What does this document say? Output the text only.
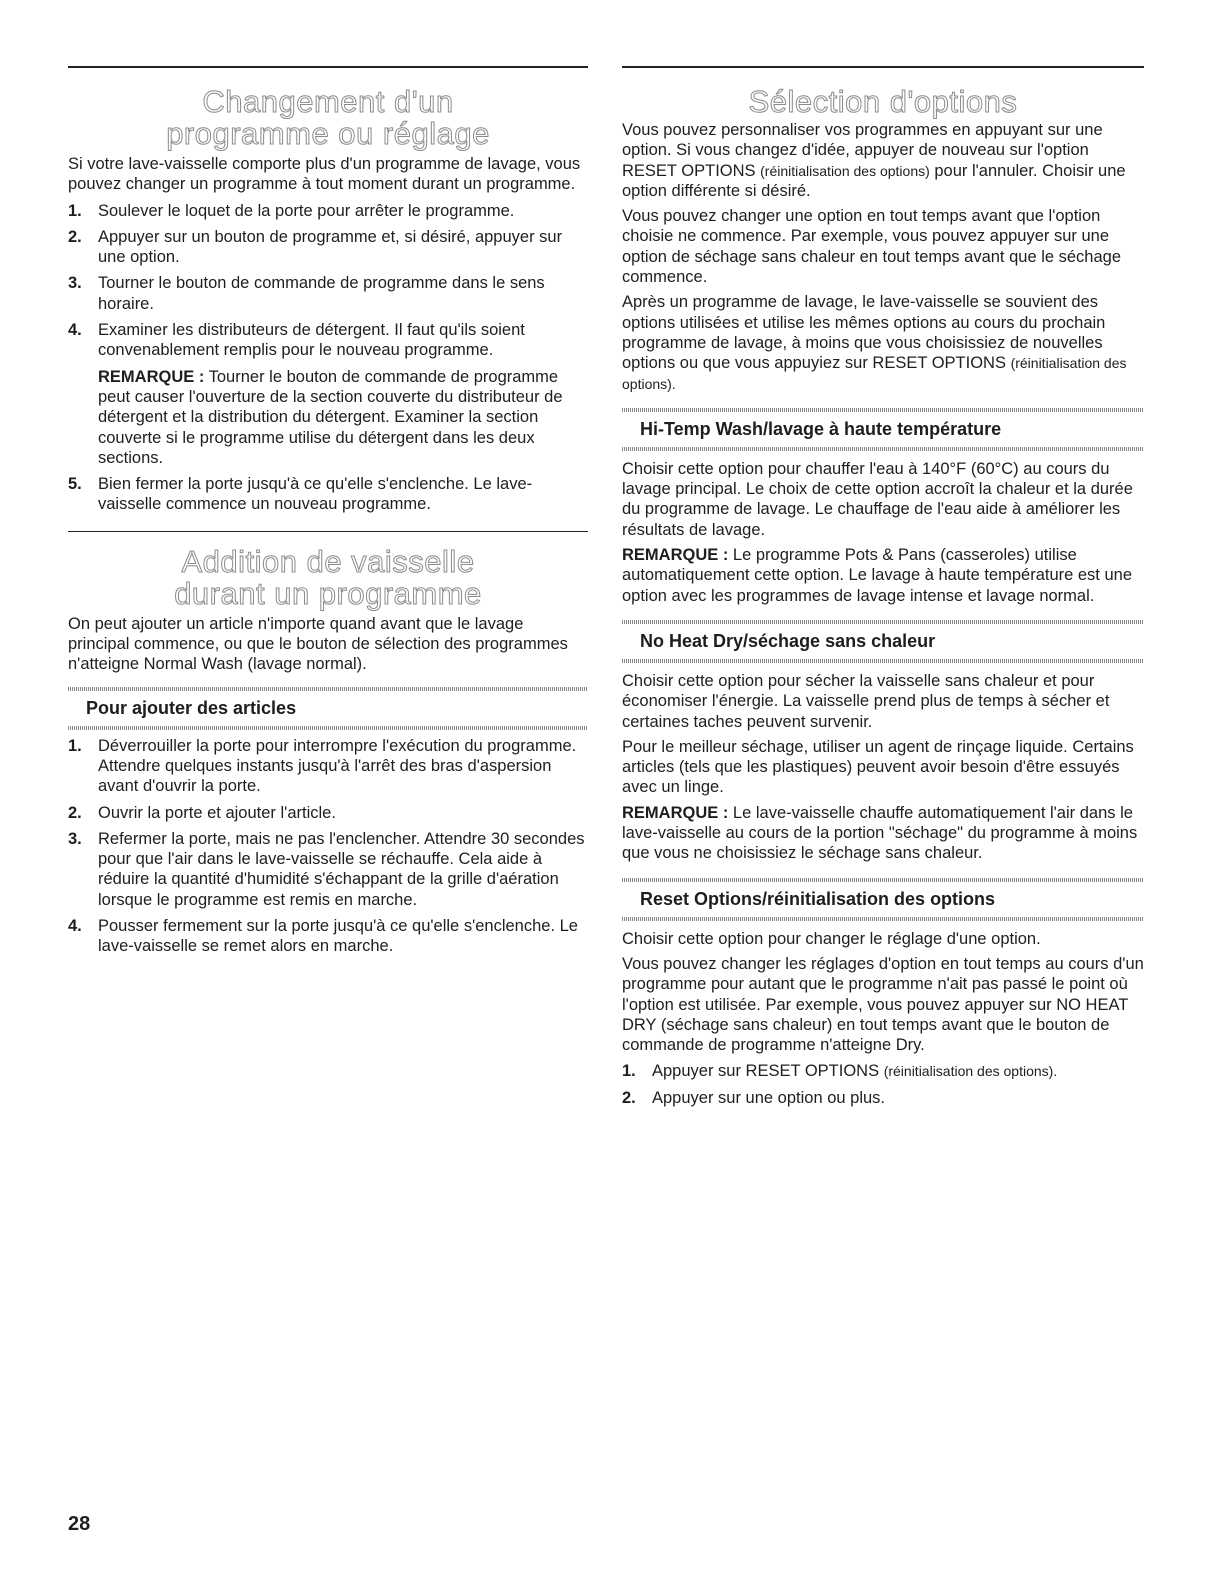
Changement d'un
programme ou réglage

Si votre lave-vaisselle comporte plus d'un programme de lavage, vous pouvez changer un programme à tout moment durant un programme.

1. Soulever le loquet de la porte pour arrêter le programme.
2. Appuyer sur un bouton de programme et, si désiré, appuyer sur une option.
3. Tourner le bouton de commande de programme dans le sens horaire.
4. Examiner les distributeurs de détergent. Il faut qu'ils soient convenablement remplis pour le nouveau programme.

REMARQUE : Tourner le bouton de commande de programme peut causer l'ouverture de la section couverte du distributeur de détergent et la distribution du détergent. Examiner la section couverte si le programme utilise du détergent dans les deux sections.

5. Bien fermer la porte jusqu'à ce qu'elle s'enclenche. Le lave-vaisselle commence un nouveau programme.
Addition de vaisselle
durant un programme

On peut ajouter un article n'importe quand avant que le lavage principal commence, ou que le bouton de sélection des programmes n'atteigne Normal Wash (lavage normal).

Pour ajouter des articles
1. Déverrouiller la porte pour interrompre l'exécution du programme. Attendre quelques instants jusqu'à l'arrêt des bras d'aspersion avant d'ouvrir la porte.
2. Ouvrir la porte et ajouter l'article.
3. Refermer la porte, mais ne pas l'enclencher. Attendre 30 secondes pour que l'air dans le lave-vaisselle se réchauffe. Cela aide à réduire la quantité d'humidité s'échappant de la grille d'aération lorsque le programme est remis en marche.
4. Pousser fermement sur la porte jusqu'à ce qu'elle s'enclenche. Le lave-vaisselle se remet alors en marche.
Sélection d'options

Vous pouvez personnaliser vos programmes en appuyant sur une option. Si vous changez d'idée, appuyer de nouveau sur l'option RESET OPTIONS (réinitialisation des options) pour l'annuler. Choisir une option différente si désiré.

Vous pouvez changer une option en tout temps avant que l'option choisie ne commence. Par exemple, vous pouvez appuyer sur une option de séchage sans chaleur en tout temps avant que le séchage commence.

Après un programme de lavage, le lave-vaisselle se souvient des options utilisées et utilise les mêmes options au cours du prochain programme de lavage, à moins que vous choisissiez de nouvelles options ou que vous appuyiez sur RESET OPTIONS (réinitialisation des options).

Hi-Temp Wash/lavage à haute température

Choisir cette option pour chauffer l'eau à 140°F (60°C) au cours du lavage principal. Le choix de cette option accroît la chaleur et la durée du programme de lavage. Le chauffage de l'eau aide à améliorer les résultats de lavage.

REMARQUE : Le programme Pots & Pans (casseroles) utilise automatiquement cette option. Le lavage à haute température est une option avec les programmes de lavage intense et lavage normal.

No Heat Dry/séchage sans chaleur

Choisir cette option pour sécher la vaisselle sans chaleur et pour économiser l'énergie. La vaisselle prend plus de temps à sécher et certaines taches peuvent survenir.

Pour le meilleur séchage, utiliser un agent de rinçage liquide. Certains articles (tels que les plastiques) peuvent avoir besoin d'être essuyés avec un linge.

REMARQUE : Le lave-vaisselle chauffe automatiquement l'air dans le lave-vaisselle au cours de la portion "séchage" du programme à moins que vous ne choisissiez le séchage sans chaleur.

Reset Options/réinitialisation des options

Choisir cette option pour changer le réglage d'une option.

Vous pouvez changer les réglages d'option en tout temps au cours d'un programme pour autant que le programme n'ait pas passé le point où l'option est utilisée. Par exemple, vous pouvez appuyer sur NO HEAT DRY (séchage sans chaleur) en tout temps avant que le bouton de commande de programme n'atteigne Dry.

1. Appuyer sur RESET OPTIONS (réinitialisation des options).
2. Appuyer sur une option ou plus.
28
